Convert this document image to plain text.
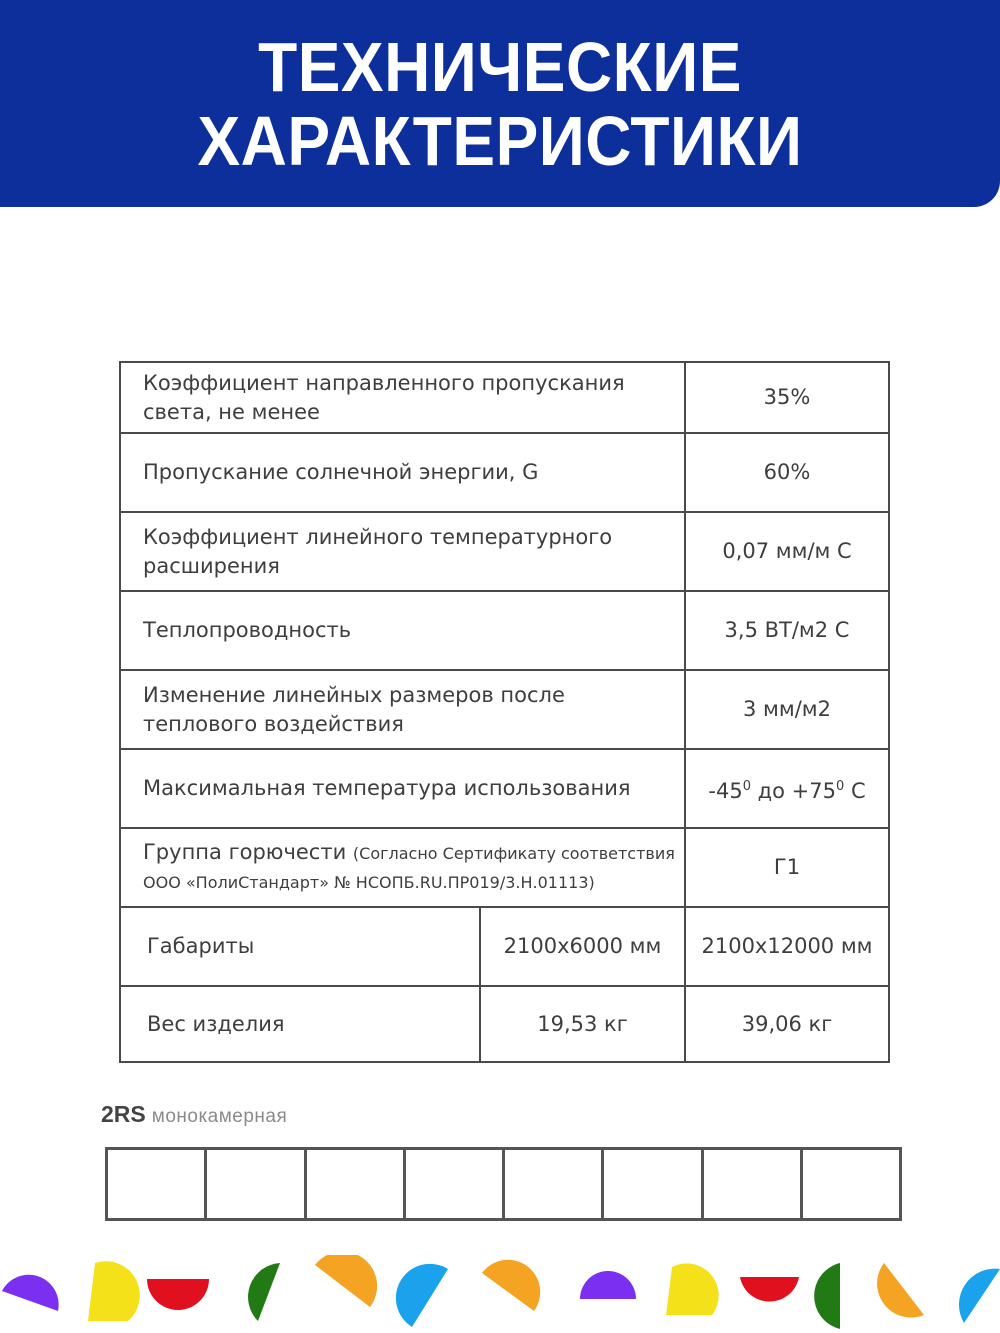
ТЕХНИЧЕСКИЕ
ХАРАКТЕРИСТИКИ
Коэффициент направленного пропускания
света, не менее		35%
Пропускание солнечной энергии, G		60%

Коэффициент линейного температурного
расширения		0,07 мм/м С
Теплопроводность		3,5 ВТ/м2 С

Изменение линейных размеров после
теплового воздействия		3 мм/м2
Максимальная температура использования		$-45^0$ до $+75^0$ С

Группа горючести (Согласно Сертификату соответствия
ООО «ПолиСтандарт» № НСОПБ.RU.ПР019/3.Н.01113)		Г1
Габариты	2100x6000 мм	2100x12000 мм
Вес изделия	19,53 кг	39,06 кг
2RS монокамерная
